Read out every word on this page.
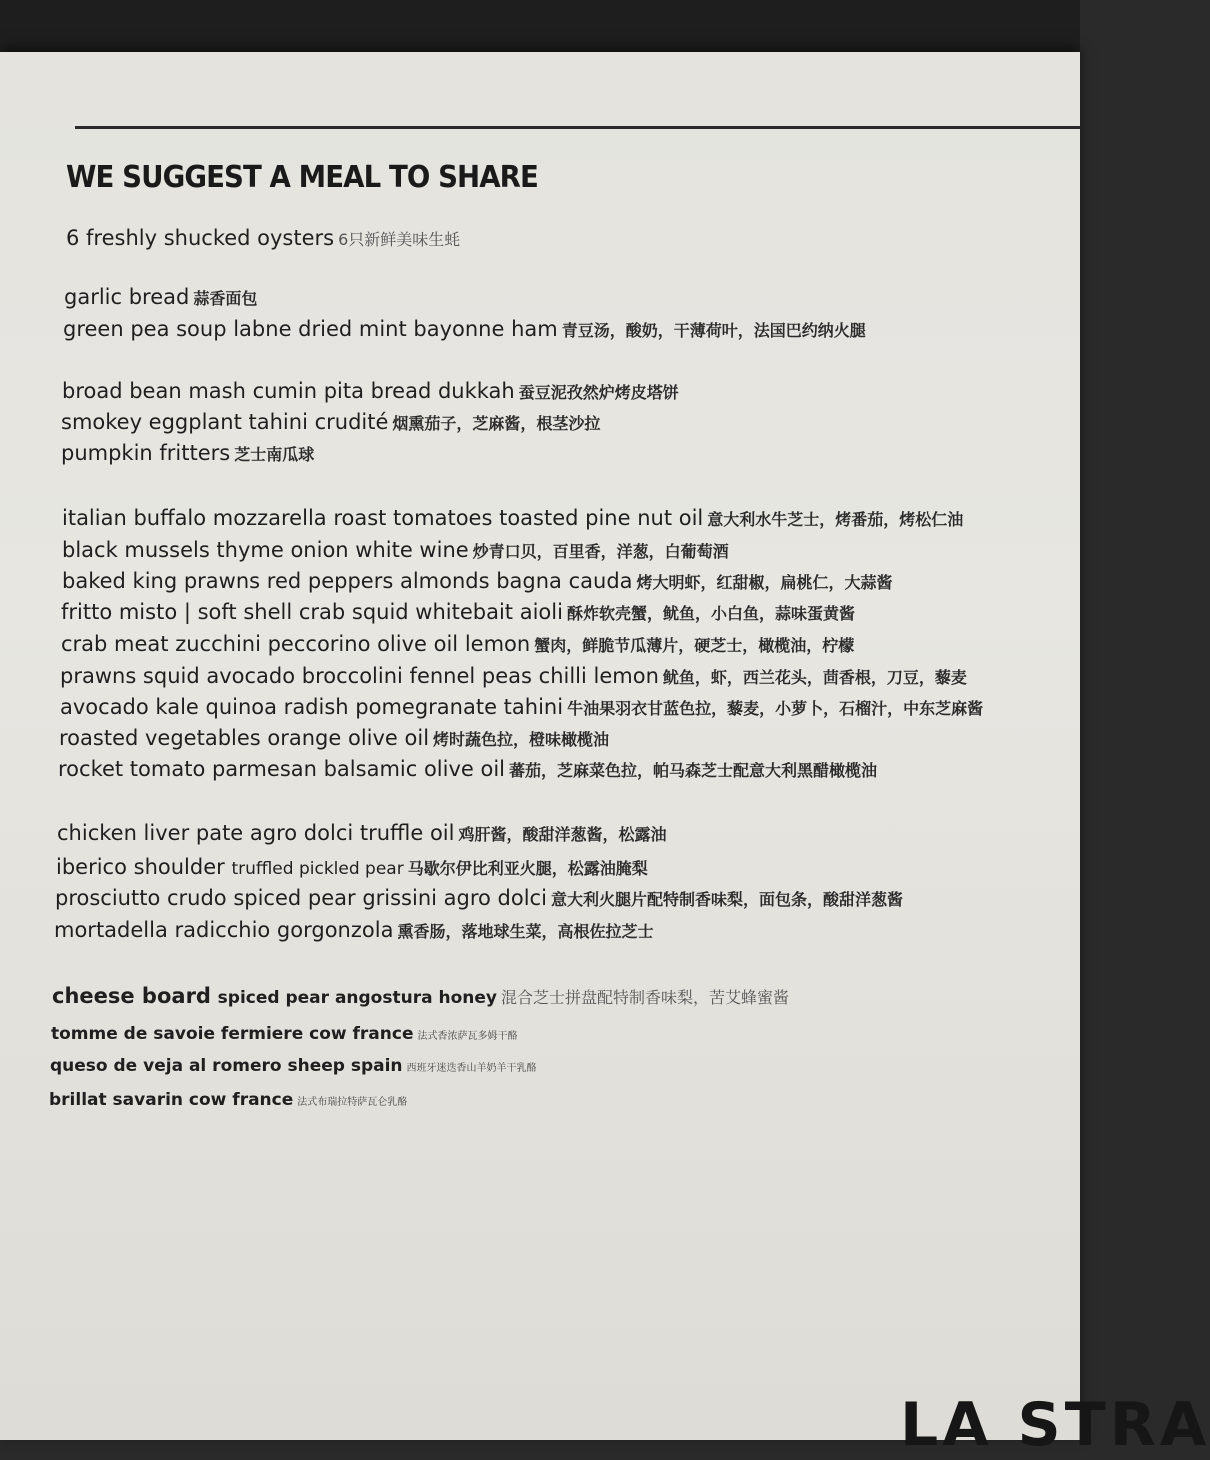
WE SUGGEST A MEAL TO SHARE
6 freshly shucked oysters 6只新鲜美味生蚝
garlic bread 蒜香面包
green pea soup labne dried mint bayonne ham 青豆汤，酸奶，干薄荷叶，法国巴约纳火腿
broad bean mash cumin pita bread dukkah 蚕豆泥孜然炉烤皮塔饼
smokey eggplant tahini crudité 烟熏茄子，芝麻酱，根茎沙拉
pumpkin fritters 芝士南瓜球
italian buffalo mozzarella roast tomatoes toasted pine nut oil 意大利水牛芝士，烤番茄，烤松仁油
black mussels thyme onion white wine 炒青口贝，百里香，洋葱，白葡萄酒
baked king prawns red peppers almonds bagna cauda 烤大明虾，红甜椒，扁桃仁，大蒜酱
fritto misto | soft shell crab squid whitebait aioli 酥炸软壳蟹，鱿鱼，小白鱼，蒜味蛋黄酱
crab meat zucchini peccorino olive oil lemon 蟹肉，鲜脆节瓜薄片，硬芝士，橄榄油，柠檬
prawns squid avocado broccolini fennel peas chilli lemon 鱿鱼，虾，西兰花头，茴香根，刀豆，藜麦
avocado kale quinoa radish pomegranate tahini 牛油果羽衣甘蓝色拉，藜麦，小萝卜，石榴汁，中东芝麻酱
roasted vegetables orange olive oil 烤时蔬色拉，橙味橄榄油
rocket tomato parmesan balsamic olive oil 蕃茄，芝麻菜色拉，帕马森芝士配意大利黑醋橄榄油
chicken liver pate agro dolci truffle oil 鸡肝酱，酸甜洋葱酱，松露油
iberico shoulder truffled pickled pear 马歇尔伊比利亚火腿，松露油腌梨
prosciutto crudo spiced pear grissini agro dolci 意大利火腿片配特制香味梨，面包条，酸甜洋葱酱
mortadella radicchio gorgonzola 熏香肠，落地球生菜，高根佐拉芝士
cheese board spiced pear angostura honey 混合芝士拼盘配特制香味梨，苦艾蜂蜜酱
tomme de savoie fermiere cow france 法式香浓萨瓦多姆干酪
queso de veja al romero sheep spain 西班牙迷迭香山羊奶羊干乳酪
brillat savarin cow france 法式布瑞拉特萨瓦仑乳酪
LA STRA
